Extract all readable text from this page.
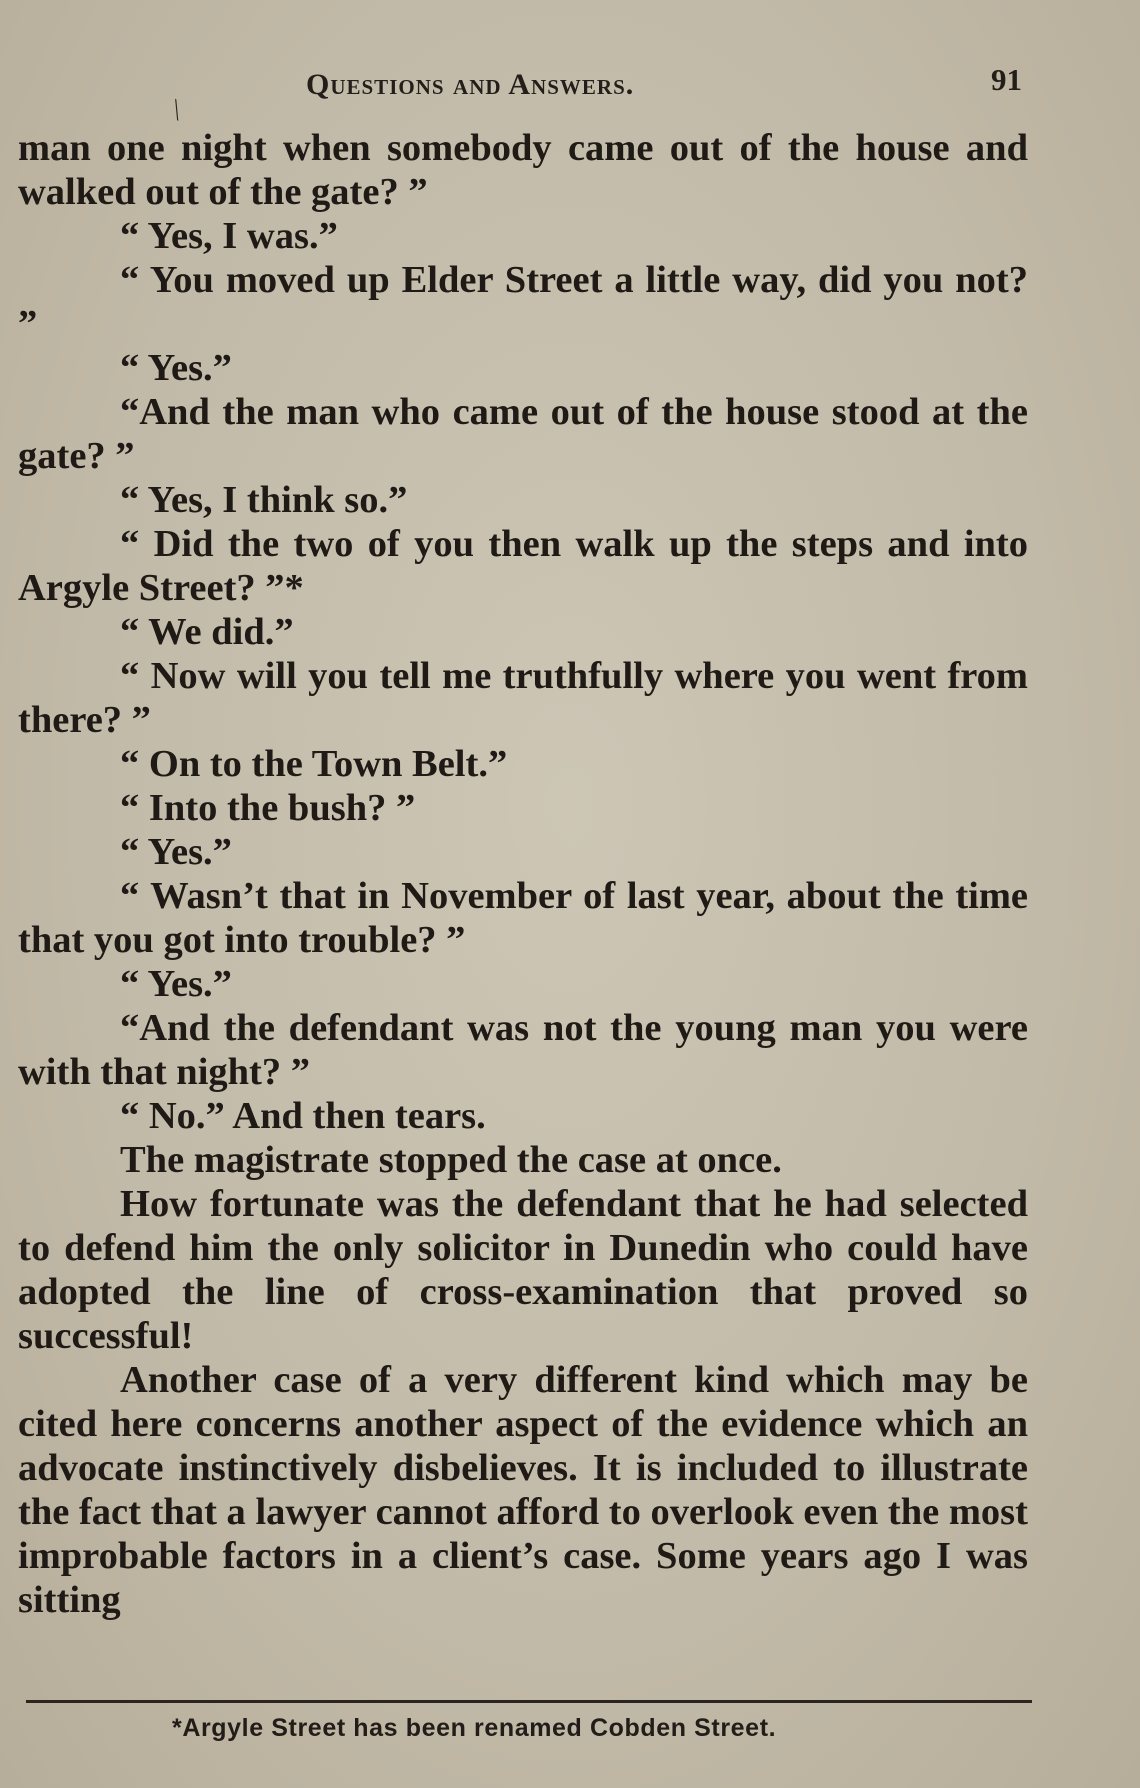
Questions and Answers.	91
⟍

man one night when somebody came out of the house and walked out of the gate? ”

“ Yes, I was.”

“ You moved up Elder Street a little way, did you not? ”

“ Yes.”

“And the man who came out of the house stood at the gate? ”

“ Yes, I think so.”

“ Did the two of you then walk up the steps and into Argyle Street? ”*

“ We did.”

“ Now will you tell me truthfully where you went from there? ”

“ On to the Town Belt.”

“ Into the bush? ”

“ Yes.”

“ Wasn’t that in November of last year, about the time that you got into trouble? ”

“ Yes.”

“And the defendant was not the young man you were with that night? ”

“ No.” And then tears.

The magistrate stopped the case at once.

How fortunate was the defendant that he had selected to defend him the only solicitor in Dunedin who could have adopted the line of cross-examination that proved so successful!

Another case of a very different kind which may be cited here concerns another aspect of the evidence which an advocate instinctively disbelieves. It is included to illustrate the fact that a lawyer cannot afford to overlook even the most improbable factors in a client’s case. Some years ago I was sitting

*Argyle Street has been renamed Cobden Street.
